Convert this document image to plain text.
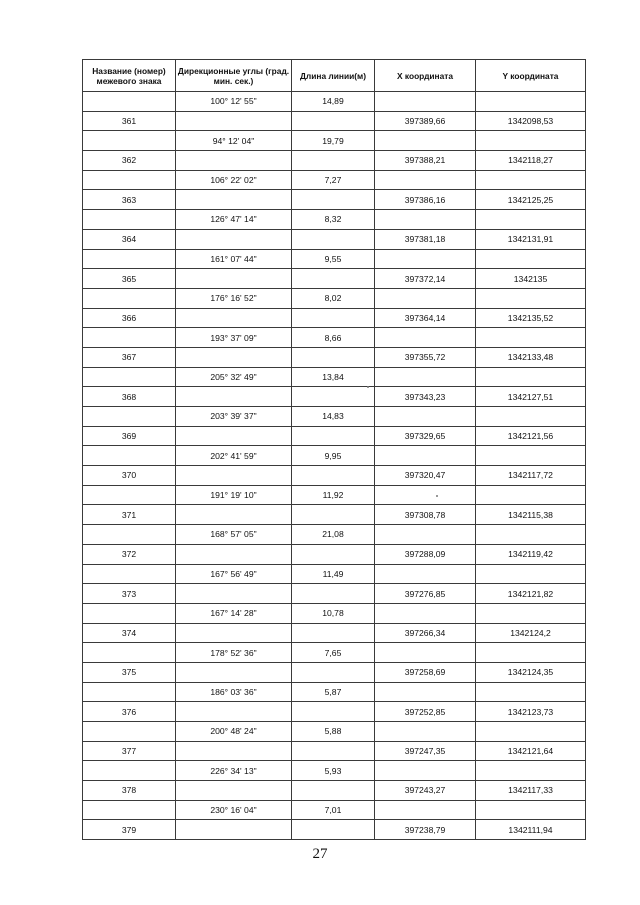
Название (номер) межевого знака	Дирекционные углы (град. мин. сек.)	Длина линии(м)	X координата	Y координата
	100° 12' 55"	14,89		
361			397389,66	1342098,53
	94° 12' 04"	19,79		
362			397388,21	1342118,27
	106° 22' 02"	7,27		
363			397386,16	1342125,25
	126° 47' 14"	8,32		
364			397381,18	1342131,91
	161° 07' 44"	9,55		
365			397372,14	1342135
	176° 16' 52"	8,02		
366			397364,14	1342135,52
	193° 37' 09"	8,66		
367			397355,72	1342133,48
	205° 32' 49"	13,84		
368			397343,23	1342127,51
	203° 39' 37"	14,83		
369			397329,65	1342121,56
	202° 41' 59"	9,95		
370			397320,47	1342117,72
	191° 19' 10"	11,92		
371			397308,78	1342115,38
	168° 57' 05"	21,08		
372			397288,09	1342119,42
	167° 56' 49"	11,49		
373			397276,85	1342121,82
	167° 14' 28"	10,78		
374			397266,34	1342124,2
	178° 52' 36"	7,65		
375			397258,69	1342124,35
	186° 03' 36"	5,87		
376			397252,85	1342123,73
	200° 48' 24"	5,88		
377			397247,35	1342121,64
	226° 34' 13"	5,93		
378			397243,27	1342117,33
	230° 16' 04"	7,01		
379			397238,79	1342111,94
27
